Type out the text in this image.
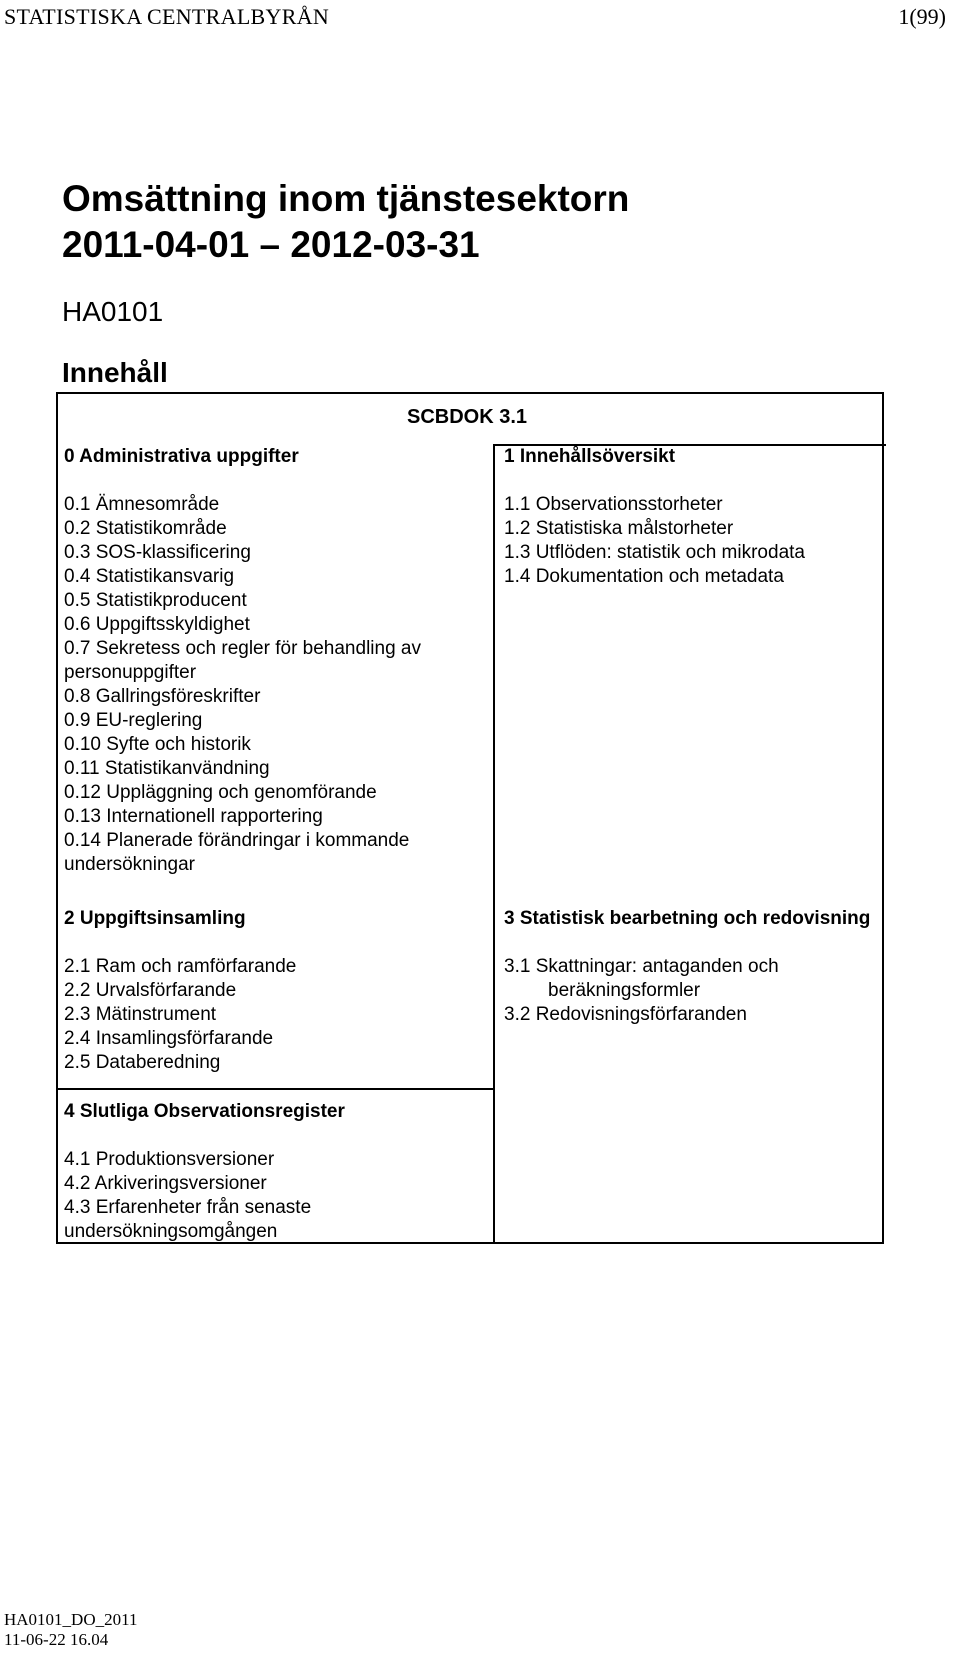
STATISTISKA CENTRALBYRÅN	1(99)
Omsättning inom tjänstesektorn
2011-04-01 – 2012-03-31
HA0101
Innehåll
SCBDOK 3.1
0 Administrativa uppgifter
0.1 Ämnesområde
0.2 Statistikområde
0.3 SOS-klassificering
0.4 Statistikansvarig
0.5 Statistikproducent
0.6 Uppgiftsskyldighet
0.7 Sekretess och regler för behandling av personuppgifter
0.8 Gallringsföreskrifter
0.9 EU-reglering
0.10 Syfte och historik
0.11 Statistikanvändning
0.12 Uppläggning och genomförande
0.13 Internationell rapportering
0.14 Planerade förändringar i kommande undersökningar
1 Innehållsöversikt
1.1 Observationsstorheter
1.2 Statistiska målstorheter
1.3 Utflöden: statistik och mikrodata
1.4 Dokumentation och metadata
2 Uppgiftsinsamling
2.1 Ram och ramförfarande
2.2 Urvalsförfarande
2.3 Mätinstrument
2.4 Insamlingsförfarande
2.5 Databeredning
3 Statistisk bearbetning och redovisning
3.1 Skattningar: antaganden och
beräkningsformler
3.2 Redovisningsförfaranden
4 Slutliga Observationsregister
4.1 Produktionsversioner
4.2 Arkiveringsversioner
4.3 Erfarenheter från senaste undersökningsomgången
HA0101_DO_2011
11-06-22 16.04
